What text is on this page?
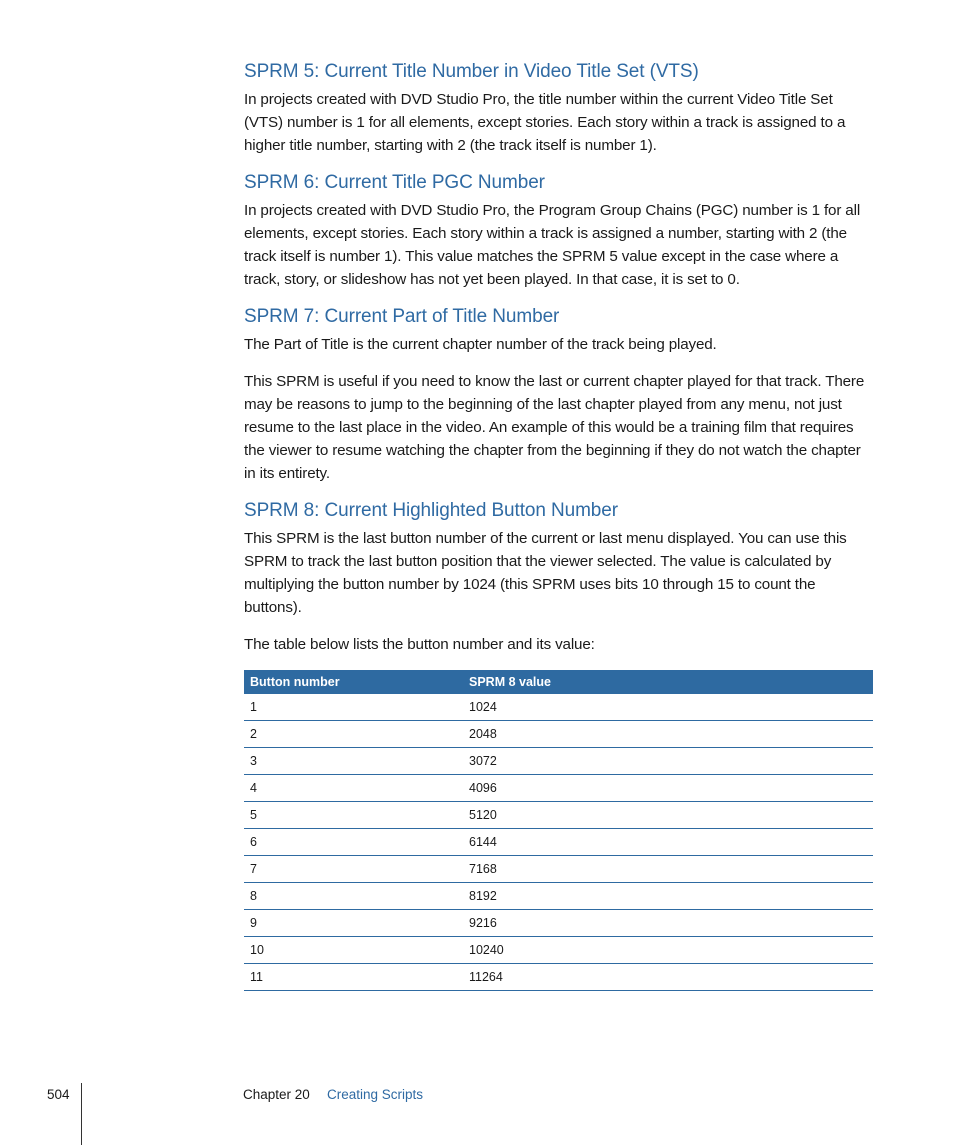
SPRM 5: Current Title Number in Video Title Set (VTS)

In projects created with DVD Studio Pro, the title number within the current Video Title Set (VTS) number is 1 for all elements, except stories. Each story within a track is assigned to a higher title number, starting with 2 (the track itself is number 1).

SPRM 6: Current Title PGC Number

In projects created with DVD Studio Pro, the Program Group Chains (PGC) number is 1 for all elements, except stories. Each story within a track is assigned a number, starting with 2 (the track itself is number 1). This value matches the SPRM 5 value except in the case where a track, story, or slideshow has not yet been played. In that case, it is set to 0.

SPRM 7: Current Part of Title Number

The Part of Title is the current chapter number of the track being played.

This SPRM is useful if you need to know the last or current chapter played for that track. There may be reasons to jump to the beginning of the last chapter played from any menu, not just resume to the last place in the video. An example of this would be a training film that requires the viewer to resume watching the chapter from the beginning if they do not watch the chapter in its entirety.

SPRM 8: Current Highlighted Button Number

This SPRM is the last button number of the current or last menu displayed. You can use this SPRM to track the last button position that the viewer selected. The value is calculated by multiplying the button number by 1024 (this SPRM uses bits 10 through 15 to count the buttons).

The table below lists the button number and its value:

Button number	SPRM 8 value
1	1024
2	2048
3	3072
4	4096
5	5120
6	6144
7	7168
8	8192
9	9216
10	10240
11	11264
504	Chapter 20 Creating Scripts
